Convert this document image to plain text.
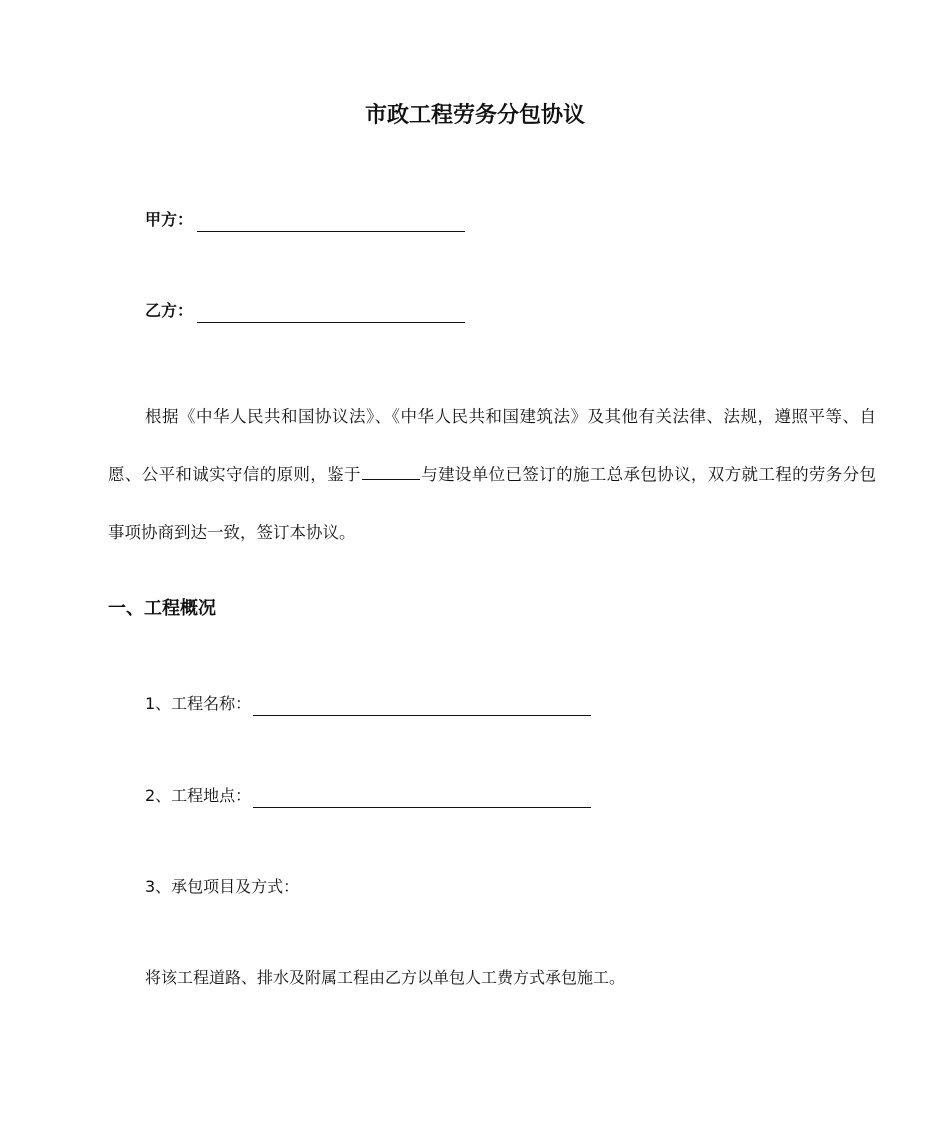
市政工程劳务分包协议
甲方：
乙方：
根据《中华人民共和国协议法》、《中华人民共和国建筑法》及其他有关法律、法规，遵照平等、自愿、公平和诚实守信的原则，鉴于	与建设单位已签订的施工总承包协议，双方就工程的劳务分包事项协商到达一致，签订本协议。
一、工程概况
1、工程名称：
2、工程地点：
3、承包项目及方式：
将该工程道路、排水及附属工程由乙方以单包人工费方式承包施工。
